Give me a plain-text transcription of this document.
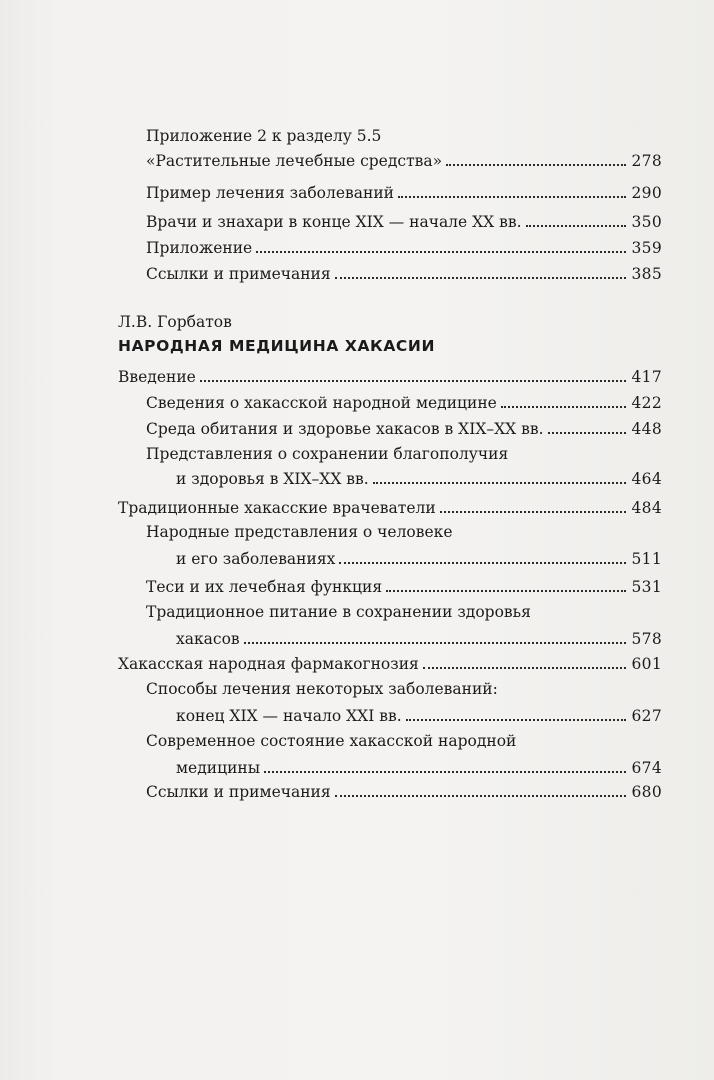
Приложение 2 к разделу 5.5
«Растительные лечебные средства»	278
Пример лечения заболеваний	290
Врачи и знахари в конце XIX — начале XX вв.	350
Приложение	359
Ссылки и примечания	385
Л.В. Горбатов
НАРОДНАЯ МЕДИЦИНА ХАКАСИИ
Введение	417
Сведения о хакасской народной медицине	422
Среда обитания и здоровье хакасов в XIX–XX вв.	448
Представления о сохранении благополучия
и здоровья в XIX–XX вв.	464
Традиционные хакасские врачеватели	484
Народные представления о человеке
и его заболеваниях	511
Теси и их лечебная функция	531
Традиционное питание в сохранении здоровья
хакасов	578
Хакасская народная фармакогнозия	601
Способы лечения некоторых заболеваний:
конец XIX — начало XXI вв.	627
Современное состояние хакасской народной
медицины	674
Ссылки и примечания	680
